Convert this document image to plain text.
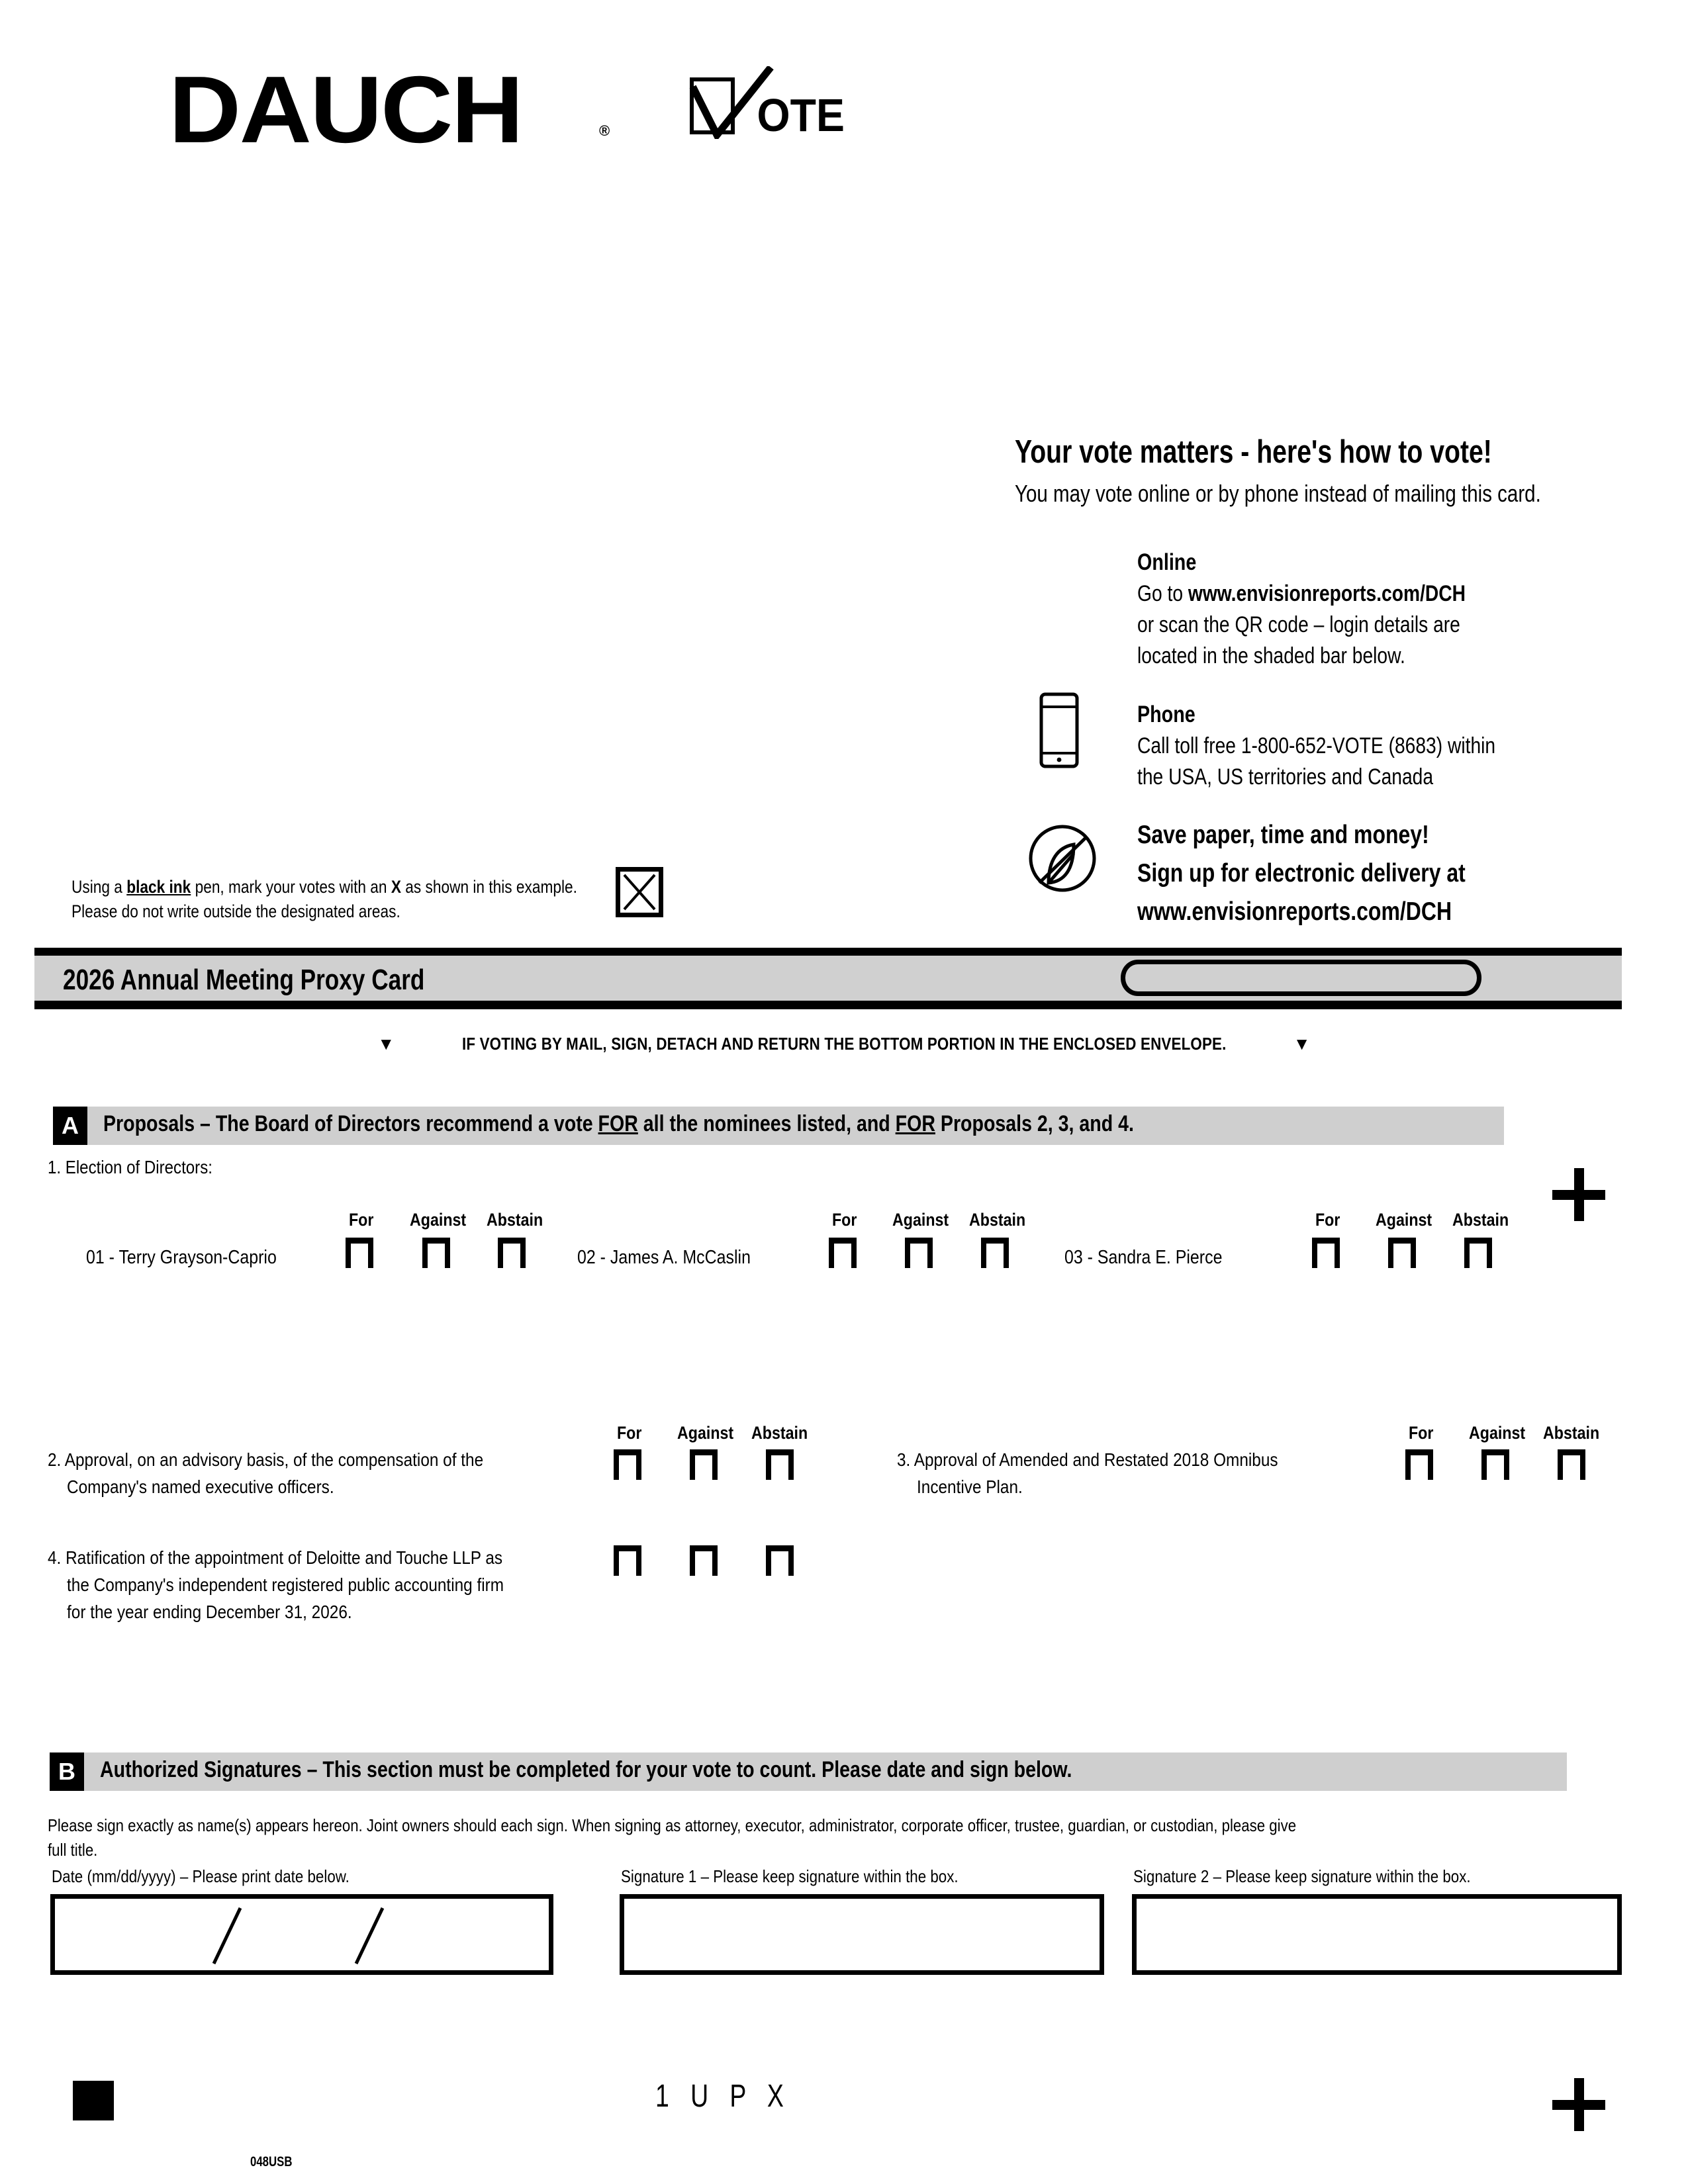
DAUCH	®	OTE
Your vote matters - here's how to vote!
You may vote online or by phone instead of mailing this card.
Online
Go to www.envisionreports.com/DCH
or scan the QR code – login details are
located in the shaded bar below.
Phone
Call toll free 1-800-652-VOTE (8683) within
the USA, US territories and Canada
Save paper, time and money!
Sign up for electronic delivery at
www.envisionreports.com/DCH
Using a black ink pen, mark your votes with an X as shown in this example.
Please do not write outside the designated areas.
2026 Annual Meeting Proxy Card
▼	IF VOTING BY MAIL, SIGN, DETACH AND RETURN THE BOTTOM PORTION IN THE ENCLOSED ENVELOPE.	▼
A	Proposals – The Board of Directors recommend a vote FOR all the nominees listed, and FOR Proposals 2, 3, and 4.
1. Election of Directors:
01 - Terry Grayson-Caprio
For Against Abstain
02 - James A. McCaslin
For Against Abstain
03 - Sandra E. Pierce
For Against Abstain
2. Approval, on an advisory basis, of the compensation of the
Company's named executive officers.
For Against Abstain
3. Approval of Amended and Restated 2018 Omnibus
Incentive Plan.
For Against Abstain
4. Ratification of the appointment of Deloitte and Touche LLP as
the Company's independent registered public accounting firm
for the year ending December 31, 2026.
B	Authorized Signatures – This section must be completed for your vote to count. Please date and sign below.
Please sign exactly as name(s) appears hereon. Joint owners should each sign. When signing as attorney, executor, administrator, corporate officer, trustee, guardian, or custodian, please give
full title.
Date (mm/dd/yyyy) – Please print date below.	Signature 1 – Please keep signature within the box.	Signature 2 – Please keep signature within the box.
1 U P X
048USB
